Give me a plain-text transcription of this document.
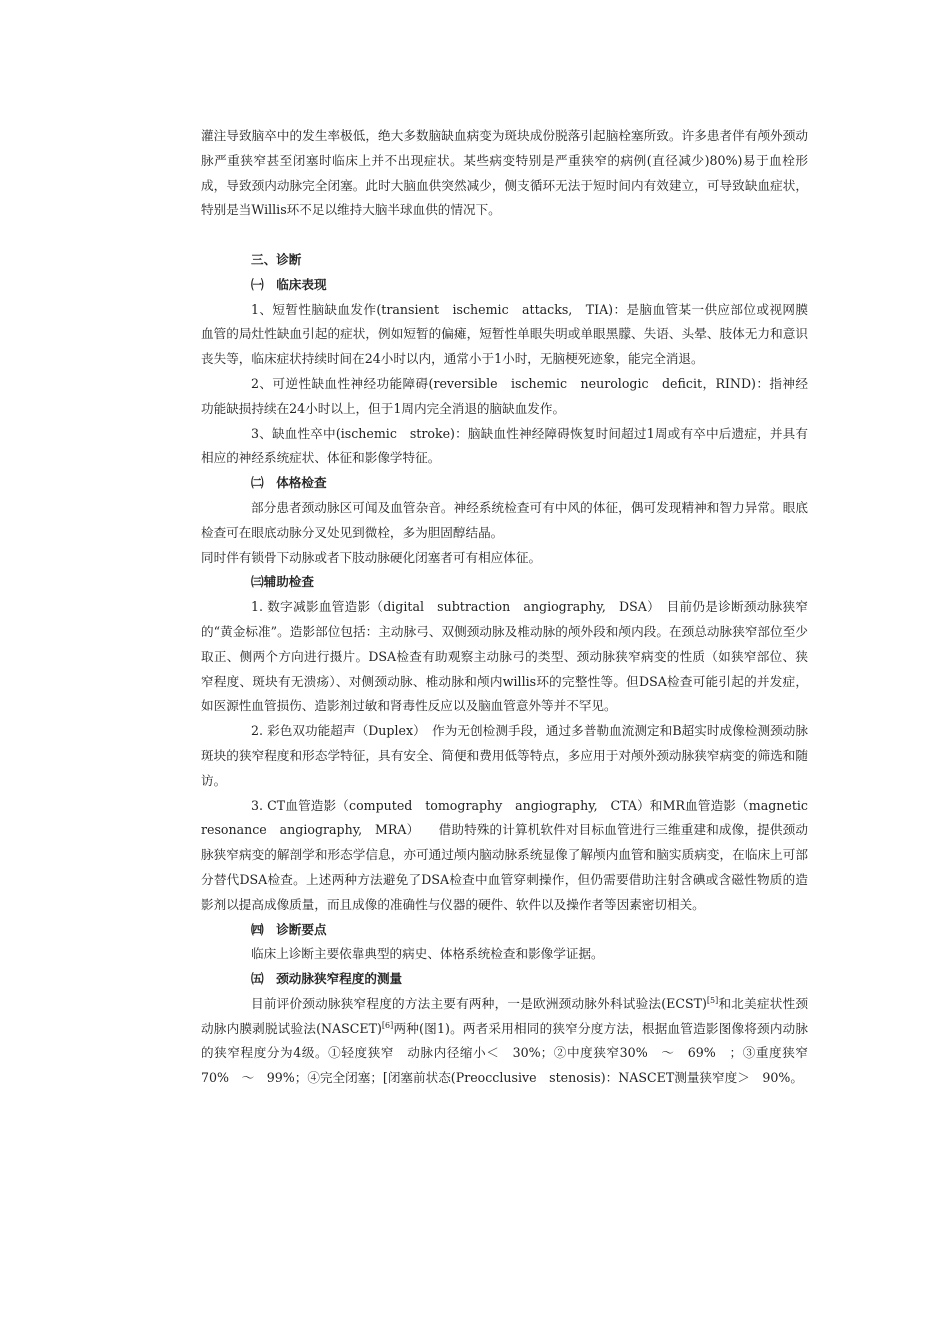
灌注导致脑卒中的发生率极低，绝大多数脑缺血病变为斑块成份脱落引起脑栓塞所致。许多患者伴有颅外颈动脉严重狭窄甚至闭塞时临床上并不出现症状。某些病变特别是严重狭窄的病例(直径减少)80%)易于血栓形成，导致颈内动脉完全闭塞。此时大脑血供突然减少，侧支循环无法于短时间内有效建立，可导致缺血症状，特别是当Willis环不足以维持大脑半球血供的情况下。

三、诊断

㈠　临床表现

1、短暂性脑缺血发作(transient　ischemic　attacks,　TIA)：是脑血管某一供应部位或视网膜血管的局灶性缺血引起的症状，例如短暂的偏瘫，短暂性单眼失明或单眼黑朦、失语、头晕、肢体无力和意识丧失等，临床症状持续时间在24小时以内，通常小于1小时，无脑梗死迹象，能完全消退。

2、可逆性缺血性神经功能障碍(reversible　ischemic　neurologic　deficit，RIND)：指神经功能缺损持续在24小时以上，但于1周内完全消退的脑缺血发作。

3、缺血性卒中(ischemic　stroke)：脑缺血性神经障碍恢复时间超过1周或有卒中后遗症，并具有相应的神经系统症状、体征和影像学特征。

㈡　体格检查

部分患者颈动脉区可闻及血管杂音。神经系统检查可有中风的体征，偶可发现精神和智力异常。眼底检查可在眼底动脉分叉处见到微栓，多为胆固醇结晶。

同时伴有锁骨下动脉或者下肢动脉硬化闭塞者可有相应体征。

㈢辅助检查

1. 数字减影血管造影（digital　subtraction　angiography,　DSA）　目前仍是诊断颈动脉狭窄的“黄金标准”。造影部位包括：主动脉弓、双侧颈动脉及椎动脉的颅外段和颅内段。在颈总动脉狭窄部位至少取正、侧两个方向进行摄片。DSA检查有助观察主动脉弓的类型、颈动脉狭窄病变的性质（如狭窄部位、狭窄程度、斑块有无溃疡）、对侧颈动脉、椎动脉和颅内willis环的完整性等。但DSA检查可能引起的并发症，如医源性血管损伤、造影剂过敏和肾毒性反应以及脑血管意外等并不罕见。

2. 彩色双功能超声（Duplex）　作为无创检测手段，通过多普勒血流测定和B超实时成像检测颈动脉斑块的狭窄程度和形态学特征，具有安全、简便和费用低等特点，多应用于对颅外颈动脉狭窄病变的筛选和随访。

3. CT血管造影（computed　tomography　angiography,　CTA）和MR血管造影（magnetic　resonance　angiography,　MRA）　　借助特殊的计算机软件对目标血管进行三维重建和成像，提供颈动脉狭窄病变的解剖学和形态学信息，亦可通过颅内脑动脉系统显像了解颅内血管和脑实质病变，在临床上可部分替代DSA检查。上述两种方法避免了DSA检查中血管穿刺操作，但仍需要借助注射含碘或含磁性物质的造影剂以提高成像质量，而且成像的准确性与仪器的硬件、软件以及操作者等因素密切相关。

㈣　诊断要点

临床上诊断主要依靠典型的病史、体格系统检查和影像学证据。

㈤　颈动脉狭窄程度的测量

目前评价颈动脉狭窄程度的方法主要有两种，一是欧洲颈动脉外科试验法(ECST)[5]和北美症状性颈动脉内膜剥脱试验法(NASCET)[6]两种(图1)。两者采用相同的狭窄分度方法，根据血管造影图像将颈内动脉的狭窄程度分为4级。①轻度狭窄　动脉内径缩小＜　30%；②中度狭窄30%　～　69%　；③重度狭窄　70%　～　99%；④完全闭塞；[闭塞前状态(Preocclusive　stenosis)：NASCET测量狭窄度＞　90%。
